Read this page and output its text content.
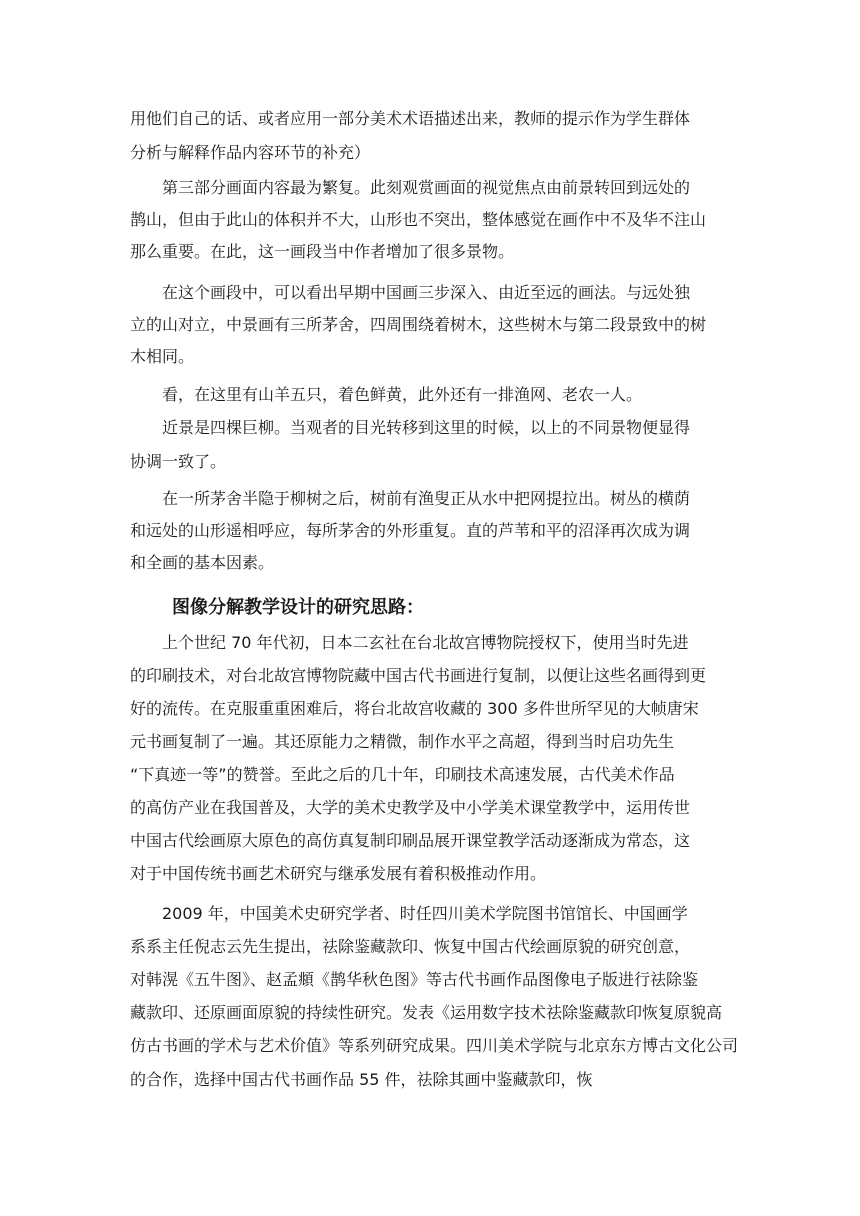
用他们自己的话、或者应用一部分美术术语描述出来，教师的提示作为学生群体

分析与解释作品内容环节的补充）

第三部分画面内容最为繁复。此刻观赏画面的视觉焦点由前景转回到远处的

鹊山，但由于此山的体积并不大，山形也不突出，整体感觉在画作中不及华不注山

那么重要。在此，这一画段当中作者增加了很多景物。

在这个画段中，可以看出早期中国画三步深入、由近至远的画法。与远处独

立的山对立，中景画有三所茅舍，四周围绕着树木，这些树木与第二段景致中的树

木相同。

看，在这里有山羊五只，着色鲜黄，此外还有一排渔网、老农一人。

近景是四棵巨柳。当观者的目光转移到这里的时候，以上的不同景物便显得

协调一致了。

在一所茅舍半隐于柳树之后，树前有渔叟正从水中把网提拉出。树丛的横荫

和远处的山形遥相呼应，每所茅舍的外形重复。直的芦苇和平的沼泽再次成为调

和全画的基本因素。

图像分解教学设计的研究思路：

上个世纪 70 年代初，日本二玄社在台北故宫博物院授权下，使用当时先进

的印刷技术，对台北故宫博物院藏中国古代书画进行复制，以便让这些名画得到更

好的流传。在克服重重困难后，将台北故宫收藏的 300 多件世所罕见的大帧唐宋

元书画复制了一遍。其还原能力之精微，制作水平之高超，得到当时启功先生

“下真迹一等”的赞誉。至此之后的几十年，印刷技术高速发展，古代美术作品

的高仿产业在我国普及，大学的美术史教学及中小学美术课堂教学中，运用传世

中国古代绘画原大原色的高仿真复制印刷品展开课堂教学活动逐渐成为常态，这

对于中国传统书画艺术研究与继承发展有着积极推动作用。

2009 年，中国美术史研究学者、时任四川美术学院图书馆馆长、中国画学

系系主任倪志云先生提出，祛除鉴藏款印、恢复中国古代绘画原貌的研究创意，

对韩滉《五牛图》、赵孟頫《鹊华秋色图》等古代书画作品图像电子版进行祛除鉴

藏款印、还原画面原貌的持续性研究。发表《运用数字技术祛除鉴藏款印恢复原貌高

仿古书画的学术与艺术价值》等系列研究成果。四川美术学院与北京东方博古文化公司

的合作，选择中国古代书画作品 55 件，祛除其画中鉴藏款印，恢
